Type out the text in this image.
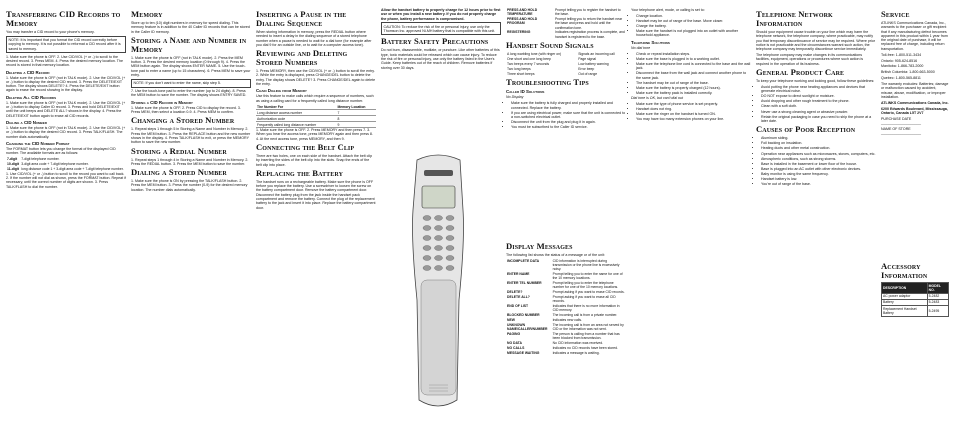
Transferring CID Records to Memory

You may transfer a CID record to your phone's memory.

NOTE: It is important that you format the CID record correctly before copying to memory. It is not possible to reformat a CID record after it is saved to memory.

1. Make sure the phone is OFF. 2. Use CID/VOL (+ or -) to scroll to the desired record. 3. Press MEM. 4. Press the desired memory location. The record is stored in that memory location.

Deleting a CID Record

1. Make sure the phone is OFF (not in TALK mode). 2. Use the CID/VOL (+ or -) button to display the desired CID record. 3. Press the DELETE/EXIT button. The display shows DELETE? 4. Press the DELETE/EXIT button again to erase the record showing in the display.

Deleting All CID Records

1. Make sure the phone is OFF (not in TALK mode). 2. Use the CID/VOL (+ or -) button to display Caller ID record. 3. Press and hold DELETE/EXIT until the unit beeps and DELETE ALL? shows in the display. 4. Press the DELETE/EXIT button again to erase all CID records.

Dialing a CID Number

1. Make sure the phone is OFF (not in TALK mode). 2. Use the CID/VOL (+ or -) button to display the desired CID record. 3. Press TALK/FLASH. The number dials automatically.

Changing the CID Number Format

The FORMAT button lets you change the format of the displayed CID number. The available formats are as follows:

7-digit	7-digit telephone number.
10-digit	3-digit area code + 7-digit telephone number.
11-digit	long distance code 1 + 3-digit area code + 7-digit telephone number.

1. Use CID/VOL (+ or -) button to scroll to the record you want to call back. 2. If the number will not dial as shown, press the FORMAT button. Repeat if necessary, until the correct number of digits are shown. 3. Press TALK/FLASH to dial the number.

Memory

Store up to ten (10) digit numbers in memory for speed dialing. This memory feature is in addition to the 40 Caller ID records that can be stored in the Caller ID memory.

Storing a Name and Number in Memory

1. Make sure the phone is OFF (not in TALK mode). 2. Press the MEM button. 3. Press the desired memory location (0 through 9). 4. Press the MEM button again. The display shows ENTER NAME. 5. Use the touch-tone pad to enter a name (up to 15 characters). 6. Press MEM to save your entry.

NOTE: If you don't want to enter the name, skip step 5.

7. Use the touch-tone pad to enter the number (up to 24 digits). 8. Press the MEM button to save the number. The display shows ENTRY SAVED.

Storing a CID Record in Memory

1. Make sure the phone is OFF. 2. Press CID to display the record. 3. Press MEM, then select a location 0-9. 4. Press MEM to confirm.

Changing a Stored Number

1. Repeat steps 1 through 5 in Storing a Name and Number in Memory. 2. Press the MEM button. 3. Press the REPLACE button and the new number shows in the display. 4. Press TALK/FLASH to exit, or press the MEMORY button to save the new number.

Storing a Redial Number

1. Repeat steps 1 through 4 in Storing a Name and Number in Memory. 2. Press the REDIAL button. 3. Press the MEM button to save the number.

Dialing a Stored Number

1. Make sure the phone is ON by pressing the TALK/FLASH button. 2. Press the MEM button. 3. Press the number (0-9) for the desired memory location. The number dials automatically.

Inserting a Pause in the Dialing Sequence

When storing information in memory, press the REDIAL button where needed to insert a delay in the dialing sequence of a stored telephone number when a pause is needed to wait for a dial tone (for example after you dial 9 for an outside line, or to wait for a computer access tone).

Reviewing and Deleting Stored Numbers

1. Press MEMORY, then use the CID/VOL (+ or -) button to scroll the entry. 2. While the entry is displayed, press CHANGE/DEL button to delete the entry. The display shows DELETE? 3. Press CHANGE/DEL again to delete the entry.

Chain Dialing from Memory

Use this feature to make calls which require a sequence of numbers, such as using a calling card for a frequently called long distance number.

The Number For	Memory Location
Long distance access number	7
Authorization code	8
Frequently called long distance number	9

1. Make sure the phone is OFF. 2. Press MEMORY and then press 7. 3. When you hear the access tone, press MEMORY again and then press 8. 4. At the next access tone, press MEMORY, and then 9.

Connecting the Belt Clip

There are two holes, one on each side of the handset. Attach the belt clip by inserting the sides of the belt clip into the slots. Snap the ends of the belt clip into place.

Replacing the Battery

The handset runs on a rechargeable battery. Make sure the phone is OFF before you replace the battery. Use a screwdriver to loosen the screw on the battery compartment door. Remove the battery compartment door. Disconnect the battery plug from the jack inside the handset pack compartment and remove the battery. Connect the plug of the replacement battery to the jack and insert it into place. Replace the battery compartment door.

Allow the handset battery to properly charge for 12 hours prior to first use or when you install a new battery. If you do not properly charge the phone, battery performance is compromised.

CAUTION: To reduce the risk of fire or personal injury, use only the Thomson Inc. approved Ni-MH battery that is compatible with this unit.
Battery Safety Precautions

Do not burn, disassemble, mutilate, or puncture. Like other batteries of this type, toxic materials could be released which can cause injury. To reduce the risk of fire or personal injury, use only the battery listed in the User's Guide. Keep batteries out of the reach of children. Remove batteries if storing over 30 days.

PRESS AND HOLD TEMPERATURE	Prompt telling you to register the handset to the base.
PRESS AND HOLD PROGRAM	Prompt telling you to return the handset near the base and press and hold until the confirmation tone.
REGISTERING	Indicates registration process is complete, and handset is registered to the base.
Handset Sound Signals
A long warbling tone (with ringer on)	Signals an incoming call
One short and one long beep	Page signal
Two beeps every 7 seconds	Low battery warning
Two long beeps	Error beep
Three short beeps	Out of range
Troubleshooting Tips
Caller ID Solutions

No Display

• Make sure the battery is fully charged and properly installed and connected. Replace the battery.
• If you are using electrical power, make sure that the unit is connected to a non-switched electrical outlet.
• Disconnect the unit from the plug and plug it in again.
• You must be subscribed to the Caller ID service.
Display Messages

The following list shows the status of a message or of the unit:

INCOMPLETE DATA	CID information is interrupted during transmission or the phone line is excessively noisy.
ENTER NAME	Prompt telling you to enter the name for one of the 10 memory locations.
ENTER TEL NUMBER	Prompt telling you to enter the telephone number for one of the 10 memory locations.
DELETE?	Prompt asking if you want to erase CID records.
DELETE ALL?	Prompt asking if you want to erase all CID records.
END OF LIST	Indicates that there is no more information in CID memory.
BLOCKED NUMBER	The incoming call is from a private number.
NEW	Indicates new calls.
UNKNOWN NAME/CALLER/NUMBER	The incoming call is from an area not served by CID or the information was not sent.
PAGING	The person is calling from a number that has been blocked from transmission.
NO DATA	No CID information was received.
NO CALLS	Indicates no CID records have been stored.
MESSAGE WAITING	Indicates a message is waiting.

Your telephone alert, mode, or calling is set to:

• Change location.
• Handset may be out of range of the base. Move closer.
• Charge the battery.
• Make sure the handset is not plugged into an outlet with another household appliance.
Telephone Solutions

No dial tone

• Check or repeat installation steps.
• Make sure the base is plugged in to a working outlet.
• Make sure the telephone line cord is connected to the base and the wall jack.
• Disconnect the base from the wall jack and connect another phone to the same jack.
• The handset may be out of range of the base.
• Make sure the battery is properly charged (12 hours).
• Make sure the battery pack is installed correctly.

Dial tone is OK, but can't dial out

• Make sure the type of phone service is set properly.
• Handset does not ring.
• Make sure the ringer on the handset is turned ON.
• You may have too many extension phones on your line.
Telephone Network Information

Should your equipment cause trouble on your line which may harm the telephone network, the telephone company, where practicable, may notify you that temporary discontinuance of service may be required. Where prior notice is not practicable and the circumstances warrant such action, the telephone company may temporarily discontinue service immediately.

The telephone company may make changes in its communications facilities, equipment, operations or procedures where such action is required in the operation of its business.

General Product Care

To keep your telephone working and looking good, follow these guidelines:

• Avoid putting the phone near heating appliances and devices that generate electrical noise.
• DO NOT expose to direct sunlight or moisture.
• Avoid dropping and other rough treatment to the phone.
• Clean with a soft cloth.
• Never use a strong cleaning agent or abrasive powder.
• Retain the original packaging in case you need to ship the phone at a later date.
Causes of Poor Reception
• Aluminum siding.
• Foil backing on insulation.
• Heating ducts and other metal construction.
• Operation near appliances such as microwaves, stoves, computers, etc.
• Atmospheric conditions, such as strong storms.
• Base is installed in the basement or lower floor of the house.
• Base is plugged into an AC outlet with other electronic devices.
• Baby monitor is using the same frequency.
• Handset battery is low.
• You're out of range of the base.
Service

ATLINKS Communications Canada, Inc., warrants to the purchaser or gift recipient that if any manufacturing defect becomes apparent in this product within 1 year from the original date of purchase, it will be replaced free of charge, including return transportation.

Toll-free: 1-800-511-3434

Ontario: 905-624-8516

Manitoba: 1-866-783-2000

British Columbia: 1-800-663-5000

Quebec: 1-800-565-8811

The warranty excludes: Batteries; damage or malfunction caused by accident, misuse, abuse, modification, or improper installation.

ATLINKS Communications Canada, Inc.

6200 Edwards Boulevard, Mississauga, Ontario, Canada L5T 2V7

PURCHASE DATE ____________________

NAME OF STORE ____________________

Accessory Information
DESCRIPTION	MODEL NO.
AC power adaptor	5-2482
Battery	5-2483
Replacement Handset Battery	5-2495
